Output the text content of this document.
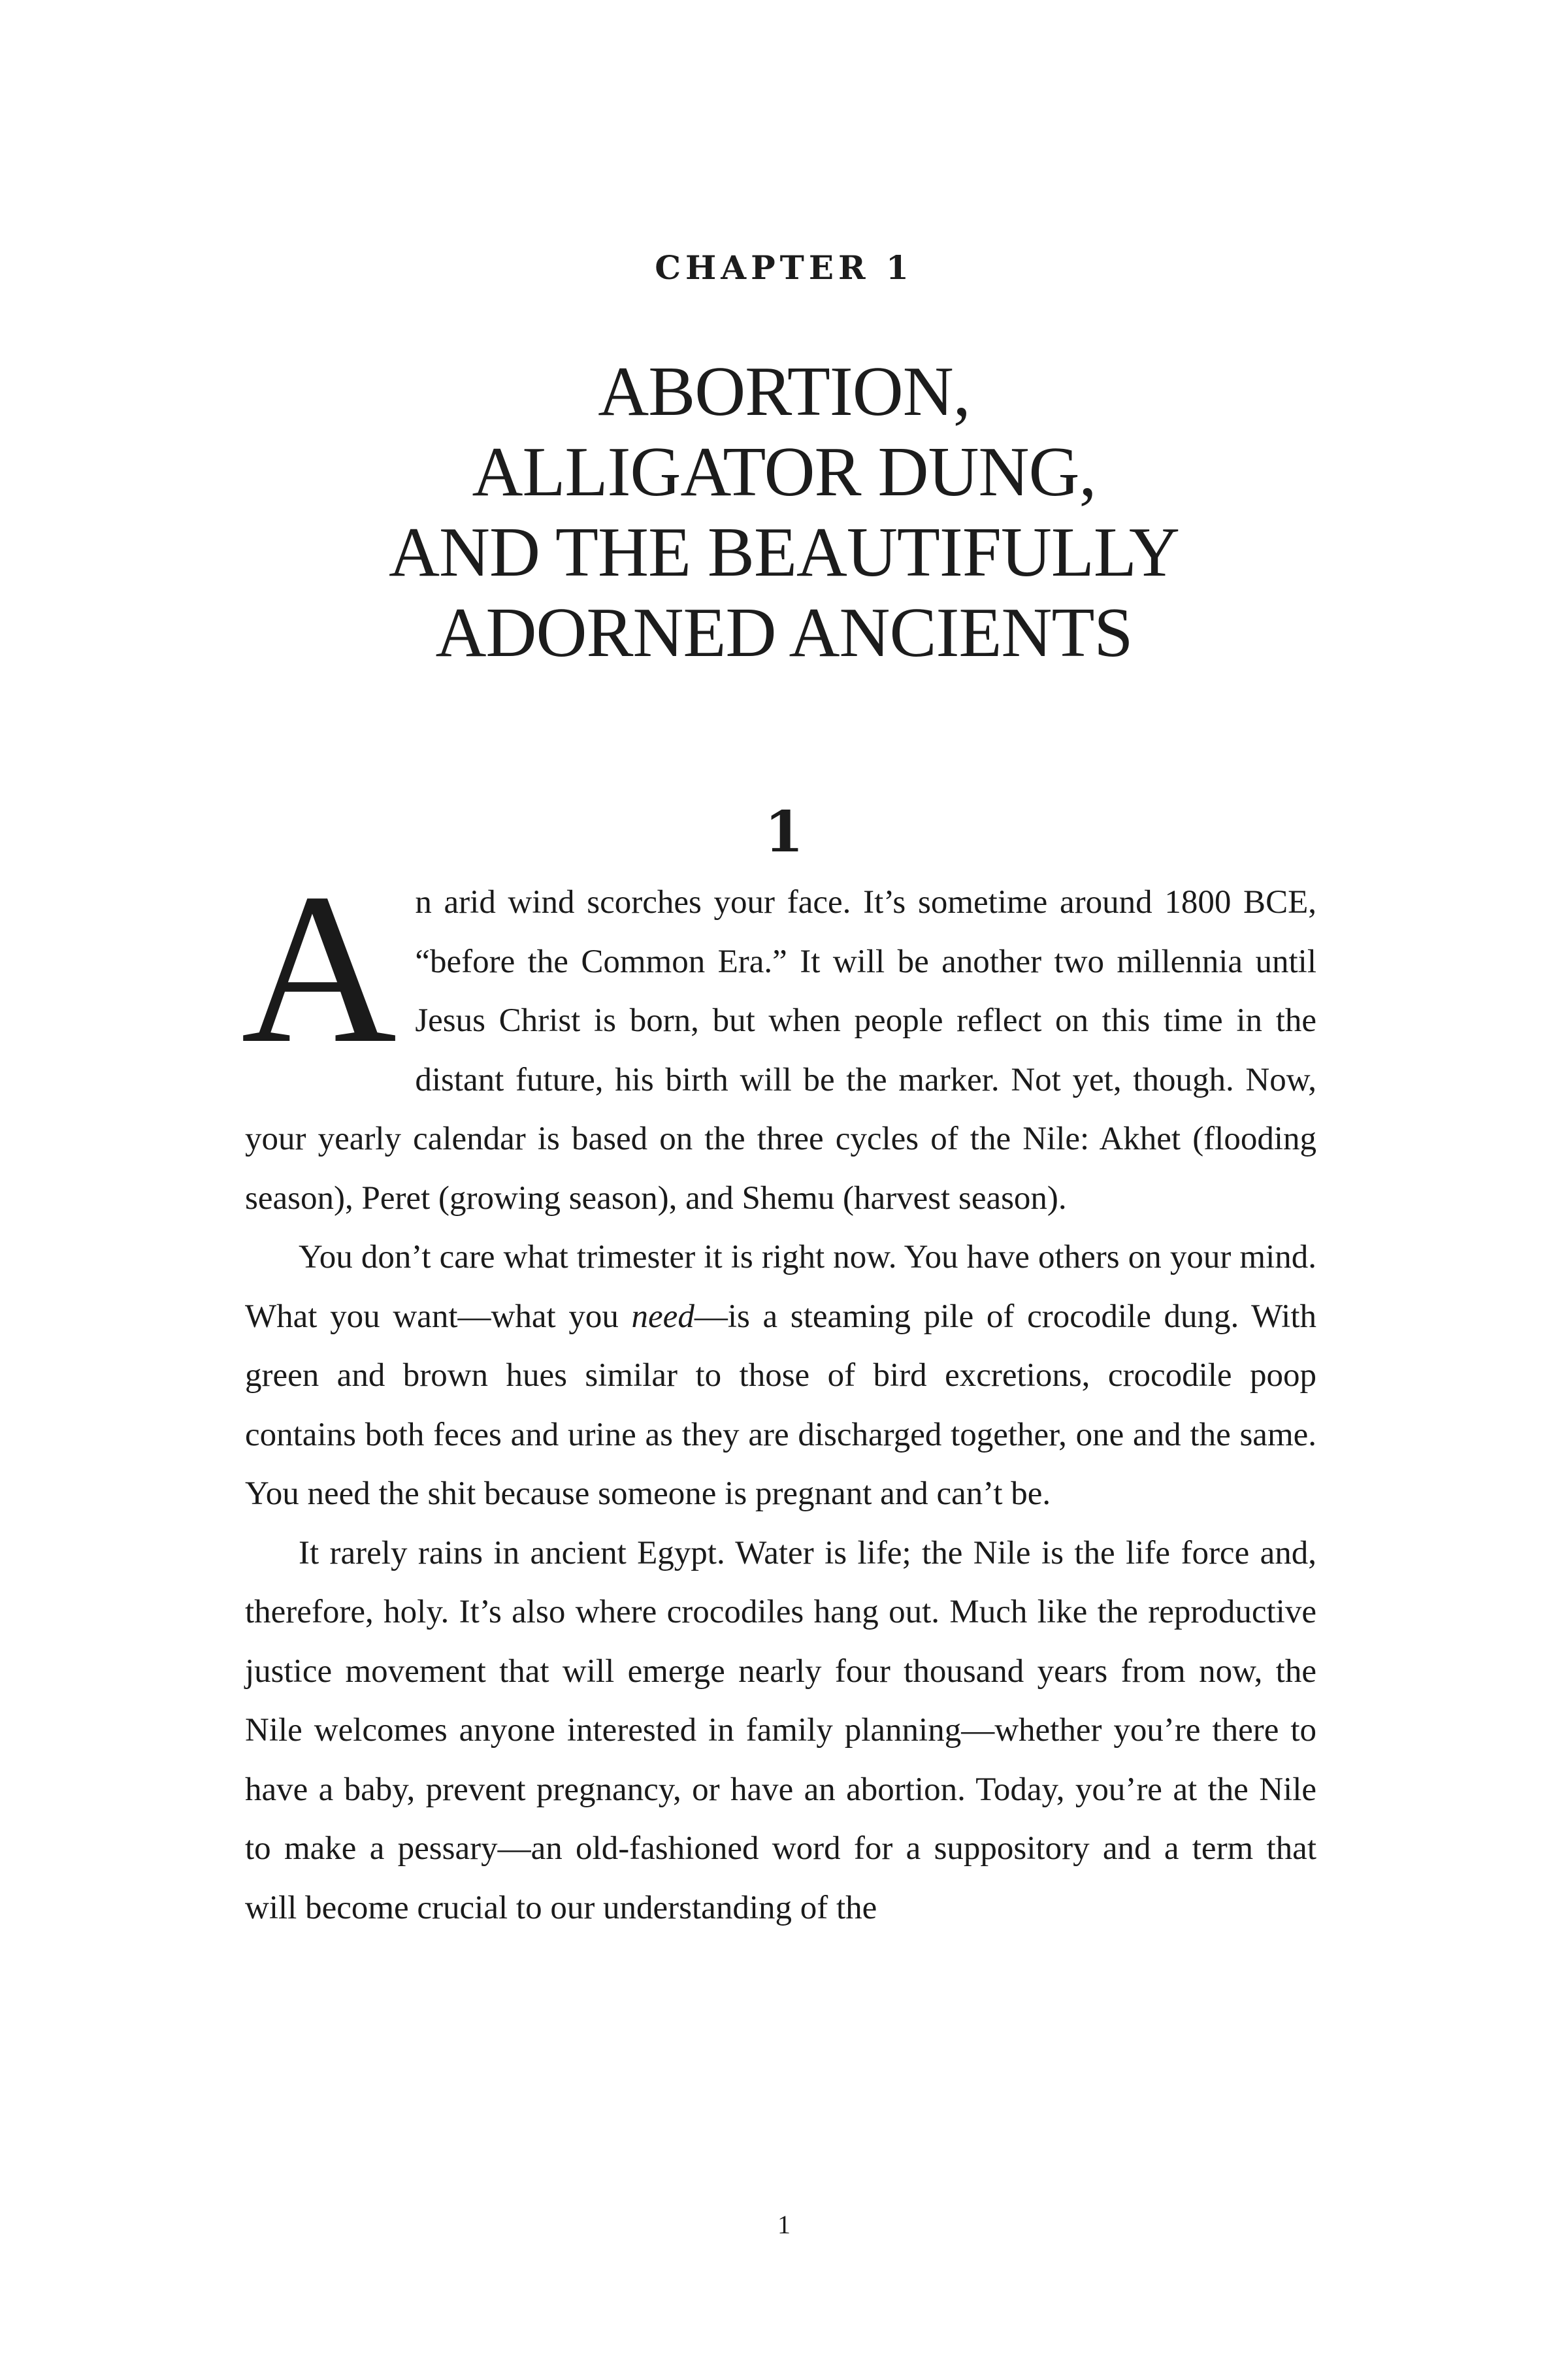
CHAPTER 1
ABORTION,
ALLIGATOR DUNG,
AND THE BEAUTIFULLY
ADORNED ANCIENTS
1

An arid wind scorches your face. It’s sometime around 1800 BCE, “before the Common Era.” It will be another two millennia until Jesus Christ is born, but when people reflect on this time in the distant future, his birth will be the marker. Not yet, though. Now, your yearly calendar is based on the three cycles of the Nile: Akhet (flooding season), Peret (growing season), and Shemu (harvest season).

You don’t care what trimester it is right now. You have others on your mind. What you want—what you need—is a steaming pile of crocodile dung. With green and brown hues similar to those of bird excretions, crocodile poop contains both feces and urine as they are discharged together, one and the same. You need the shit because someone is pregnant and can’t be.

It rarely rains in ancient Egypt. Water is life; the Nile is the life force and, therefore, holy. It’s also where crocodiles hang out. Much like the reproductive justice movement that will emerge nearly four thousand years from now, the Nile welcomes anyone interested in family planning—whether you’re there to have a baby, prevent pregnancy, or have an abortion. Today, you’re at the Nile to make a pessary—an old-fashioned word for a suppository and a term that will become crucial to our understanding of the

1
